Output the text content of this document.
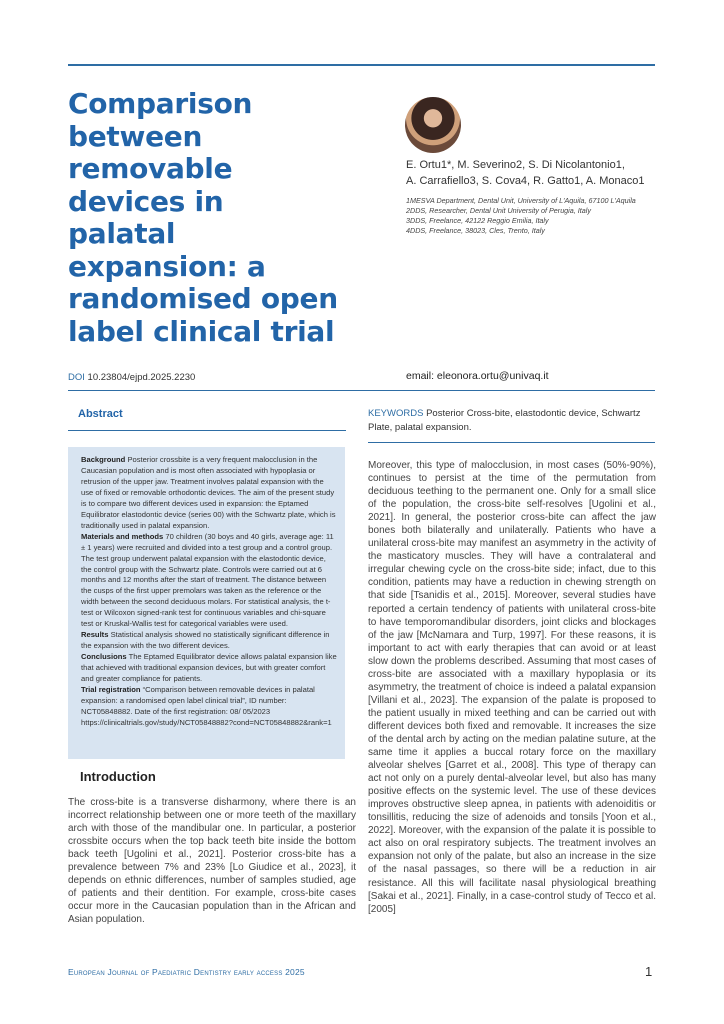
Comparison between removable devices in palatal expansion: a randomised open label clinical trial
E. Ortu1*, M. Severino2, S. Di Nicolantonio1,
A. Carrafiello3, S. Cova4, R. Gatto1, A. Monaco1
1MESVA Department, Dental Unit, University of L'Aquila, 67100 L'Aquila
2DDS, Researcher, Dental Unit University of Perugia, Italy
3DDS, Freelance, 42122 Reggio Emilia, Italy
4DDS, Freelance, 38023, Cles, Trento, Italy
DOI 10.23804/ejpd.2025.2230	email: eleonora.ortu@univaq.it
Abstract

Background Posterior crossbite is a very frequent malocclusion in the Caucasian population and is most often associated with hypoplasia or retrusion of the upper jaw. Treatment involves palatal expansion with the use of fixed or removable orthodontic devices. The aim of the present study is to compare two different devices used in expansion: the Eptamed Equilibrator elastodontic device (series 00) with the Schwartz plate, which is traditionally used in palatal expansion.

Materials and methods 70 children (30 boys and 40 girls, average age: 11 ± 1 years) were recruited and divided into a test group and a control group. The test group underwent palatal expansion with the elastodontic device, the control group with the Schwartz plate. Controls were carried out at 6 months and 12 months after the start of treatment. The distance between the cusps of the first upper premolars was taken as the reference or the width between the second deciduous molars. For statistical analysis, the t-test or Wilcoxon signed-rank test for continuous variables and chi-square test or Kruskal-Wallis test for categorical variables were used.

Results Statistical analysis showed no statistically significant difference in the expansion with the two different devices.

Conclusions The Eptamed Equilibrator device allows palatal expansion like that achieved with traditional expansion devices, but with greater comfort and greater compliance for patients.

Trial registration “Comparison between removable devices in palatal expansion: a randomised open label clinical trial”, ID number: NCT05848882. Date of the first registration: 08/ 05/2023 https://clinicaltrials.gov/study/NCT05848882?cond=NCT05848882&rank=1

KEYWORDS Posterior Cross-bite, elastodontic device, Schwartz Plate, palatal expansion.
Introduction

The cross-bite is a transverse disharmony, where there is an incorrect relationship between one or more teeth of the maxillary arch with those of the mandibular one. In particular, a posterior crossbite occurs when the top back teeth bite inside the bottom back teeth [Ugolini et al., 2021]. Posterior cross-bite has a prevalence between 7% and 23% [Lo Giudice et al., 2023], it depends on ethnic differences, number of samples studied, age of patients and their dentition. For example, cross-bite cases occur more in the Caucasian population than in the African and Asian population.

Moreover, this type of malocclusion, in most cases (50%-90%), continues to persist at the time of the permutation from deciduous teething to the permanent one. Only for a small slice of the population, the cross-bite self-resolves [Ugolini et al., 2021]. In general, the posterior cross-bite can affect the jaw bones both bilaterally and unilaterally. Patients who have a unilateral cross-bite may manifest an asymmetry in the activity of the masticatory muscles. They will have a contralateral and irregular chewing cycle on the cross-bite side; infact, due to this condition, patients may have a reduction in chewing strength on that side [Tsanidis et al., 2015]. Moreover, several studies have reported a certain tendency of patients with unilateral cross-bite to have temporomandibular disorders, joint clicks and blockages of the jaw [McNamara and Turp, 1997]. For these reasons, it is important to act with early therapies that can avoid or at least slow down the problems described. Assuming that most cases of cross-bite are associated with a maxillary hypoplasia or its asymmetry, the treatment of choice is indeed a palatal expansion [Villani et al., 2023]. The expansion of the palate is proposed to the patient usually in mixed teething and can be carried out with different devices both fixed and removable. It increases the size of the dental arch by acting on the median palatine suture, at the same time it applies a buccal rotary force on the maxillary alveolar shelves [Garret et al., 2008]. This type of therapy can act not only on a purely dental-alveolar level, but also has many positive effects on the systemic level. The use of these devices improves obstructive sleep apnea, in patients with adenoiditis or tonsillitis, reducing the size of adenoids and tonsils [Yoon et al., 2022]. Moreover, with the expansion of the palate it is possible to act also on oral respiratory subjects. The treatment involves an expansion not only of the palate, but also an increase in the size of the nasal passages, so there will be a reduction in air resistance. All this will facilitate nasal physiological breathing [Sakai et al., 2021]. Finally, in a case-control study of Tecco et al. [2005]

European Journal of Paediatric Dentistry early access 2025	1
